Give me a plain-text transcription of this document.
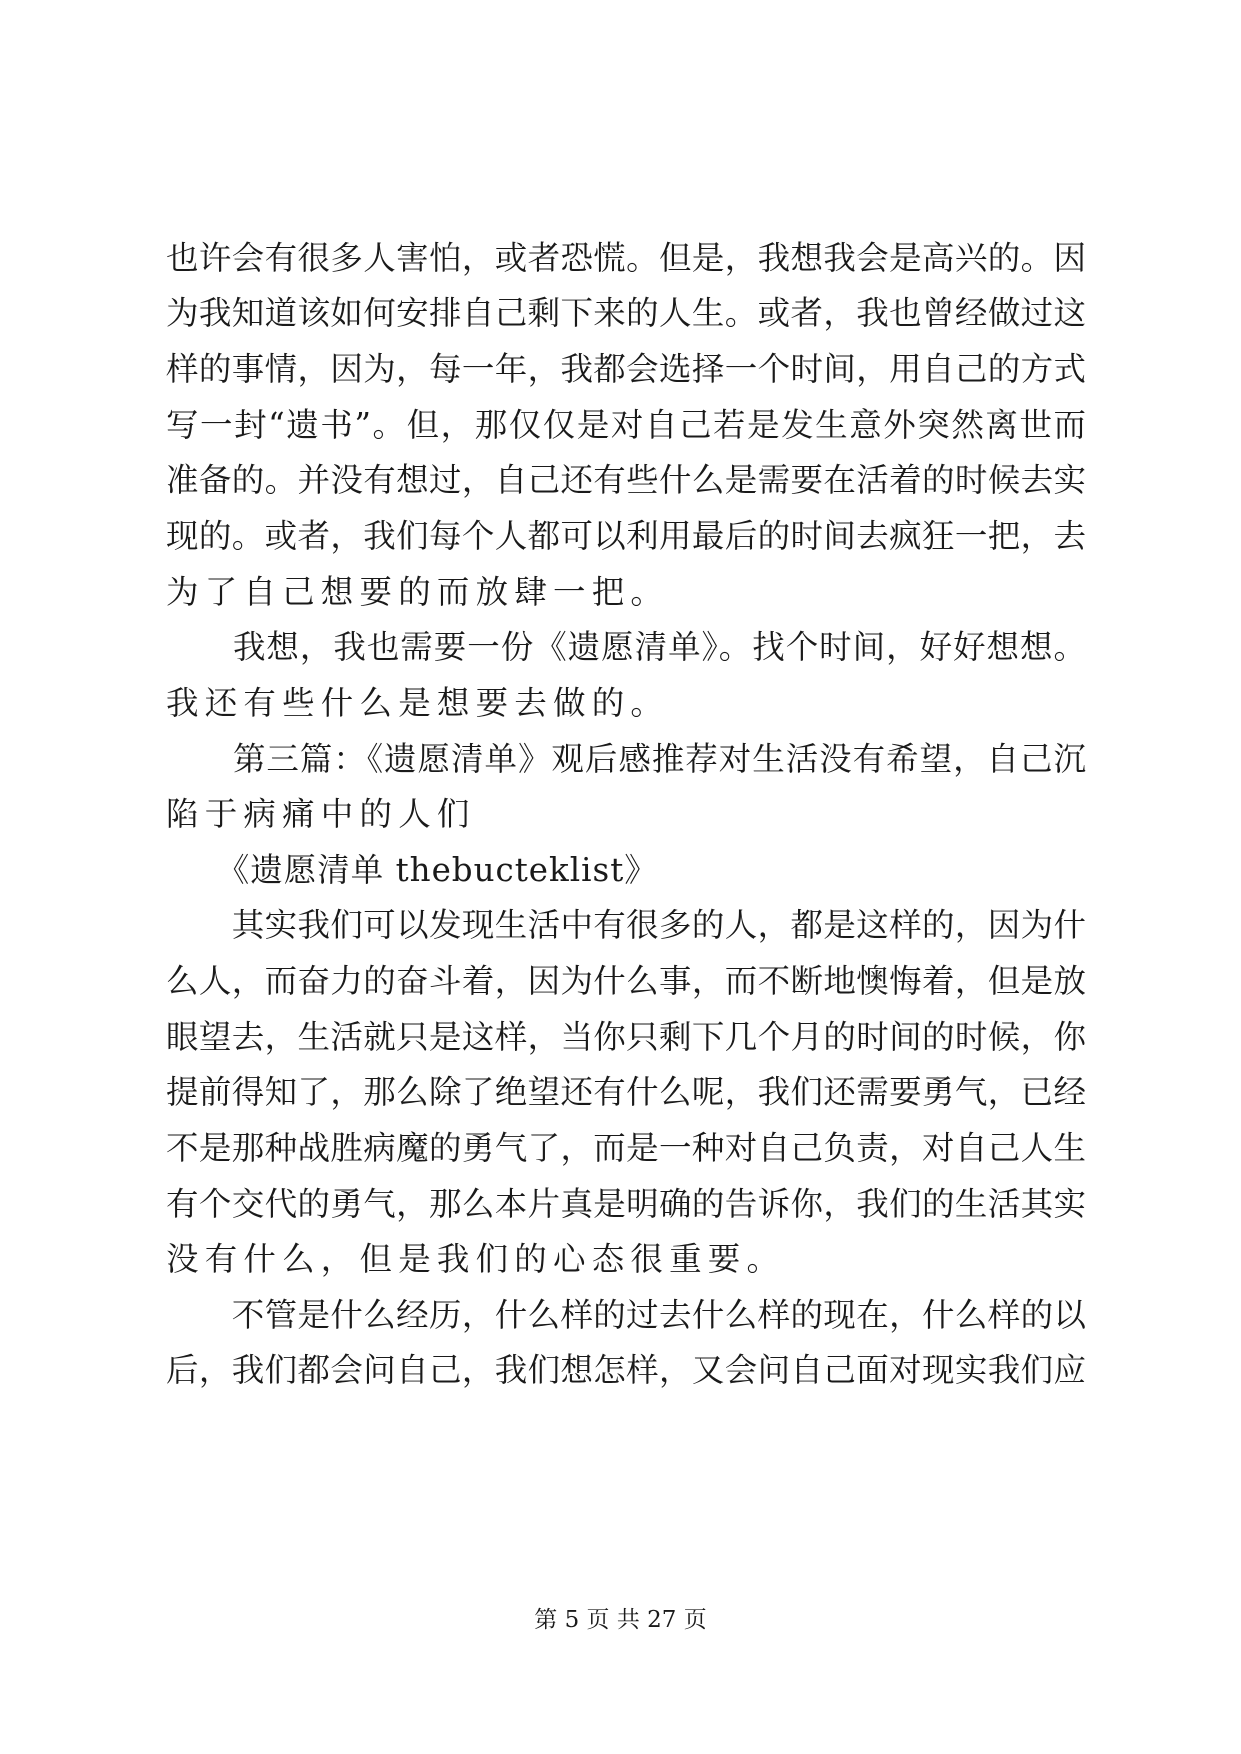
也许会有很多人害怕，或者恐慌。但是，我想我会是高兴的。因
为我知道该如何安排自己剩下来的人生。或者，我也曾经做过这
样的事情，因为，每一年，我都会选择一个时间，用自己的方式
写一封“遗书”。但，那仅仅是对自己若是发生意外突然离世而
准备的。并没有想过，自己还有些什么是需要在活着的时候去实
现的。或者，我们每个人都可以利用最后的时间去疯狂一把，去
为了自己想要的而放肆一把。
　　我想，我也需要一份《遗愿清单》。找个时间，好好想想。
我还有些什么是想要去做的。
　　第三篇：《遗愿清单》观后感推荐对生活没有希望，自己沉
陷于病痛中的人们
　　《遗愿清单 thebucteklist》
　　其实我们可以发现生活中有很多的人，都是这样的，因为什
么人，而奋力的奋斗着，因为什么事，而不断地懊悔着，但是放
眼望去，生活就只是这样，当你只剩下几个月的时间的时候，你
提前得知了，那么除了绝望还有什么呢，我们还需要勇气，已经
不是那种战胜病魔的勇气了，而是一种对自己负责，对自己人生
有个交代的勇气，那么本片真是明确的告诉你，我们的生活其实
没有什么，但是我们的心态很重要。
　　不管是什么经历，什么样的过去什么样的现在，什么样的以
后，我们都会问自己，我们想怎样，又会问自己面对现实我们应
第 5 页 共 27 页
